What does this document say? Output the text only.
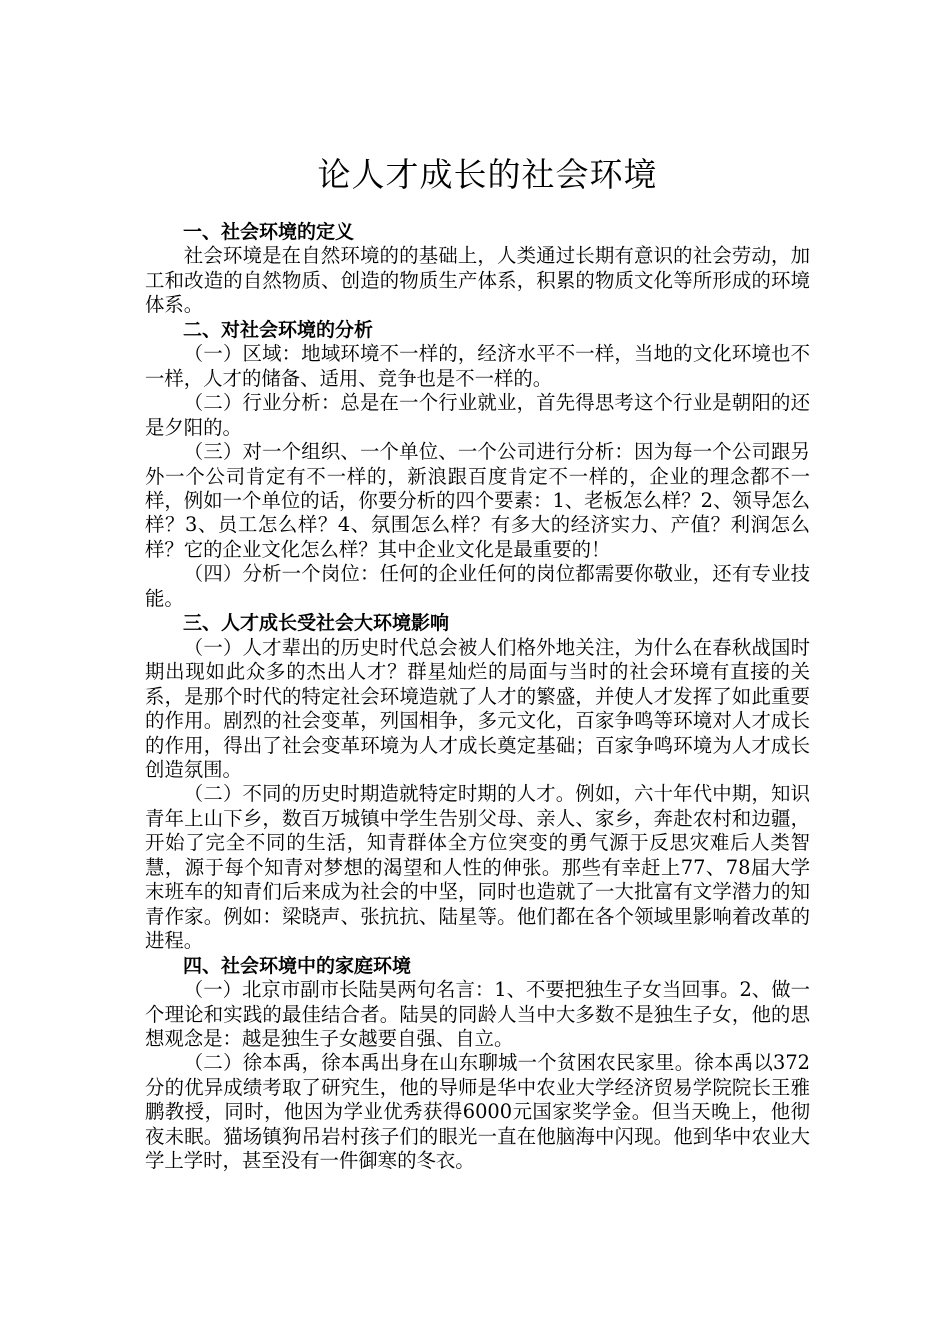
论人才成长的社会环境

一、社会环境的定义

社会环境是在自然环境的的基础上，人类通过长期有意识的社会劳动，加工和改造的自然物质、创造的物质生产体系，积累的物质文化等所形成的环境体系。

二、对社会环境的分析

（一）区域：地域环境不一样的，经济水平不一样，当地的文化环境也不一样，人才的储备、适用、竞争也是不一样的。

（二）行业分析：总是在一个行业就业，首先得思考这个行业是朝阳的还是夕阳的。

（三）对一个组织、一个单位、一个公司进行分析：因为每一个公司跟另外一个公司肯定有不一样的，新浪跟百度肯定不一样的，企业的理念都不一样，例如一个单位的话，你要分析的四个要素：1、老板怎么样？2、领导怎么样？3、员工怎么样？4、氛围怎么样？有多大的经济实力、产值？利润怎么样？它的企业文化怎么样？其中企业文化是最重要的！

（四）分析一个岗位：任何的企业任何的岗位都需要你敬业，还有专业技能。

三、人才成长受社会大环境影响

（一）人才辈出的历史时代总会被人们格外地关注，为什么在春秋战国时期出现如此众多的杰出人才？群星灿烂的局面与当时的社会环境有直接的关系，是那个时代的特定社会环境造就了人才的繁盛，并使人才发挥了如此重要的作用。剧烈的社会变革，列国相争，多元文化，百家争鸣等环境对人才成长的作用，得出了社会变革环境为人才成长奠定基础；百家争鸣环境为人才成长创造氛围。

（二）不同的历史时期造就特定时期的人才。例如，六十年代中期，知识青年上山下乡，数百万城镇中学生告别父母、亲人、家乡，奔赴农村和边疆，开始了完全不同的生活，知青群体全方位突变的勇气源于反思灾难后人类智慧，源于每个知青对梦想的渴望和人性的伸张。那些有幸赶上77、78届大学末班车的知青们后来成为社会的中坚，同时也造就了一大批富有文学潜力的知青作家。例如：梁晓声、张抗抗、陆星等。他们都在各个领域里影响着改革的进程。

四、社会环境中的家庭环境

（一）北京市副市长陆昊两句名言：1、不要把独生子女当回事。2、做一个理论和实践的最佳结合者。陆昊的同龄人当中大多数不是独生子女，他的思想观念是：越是独生子女越要自强、自立。

（二）徐本禹，徐本禹出身在山东聊城一个贫困农民家里。徐本禹以372分的优异成绩考取了研究生，他的导师是华中农业大学经济贸易学院院长王雅鹏教授，同时，他因为学业优秀获得6000元国家奖学金。但当天晚上，他彻夜未眠。猫场镇狗吊岩村孩子们的眼光一直在他脑海中闪现。他到华中农业大学上学时，甚至没有一件御寒的冬衣。
